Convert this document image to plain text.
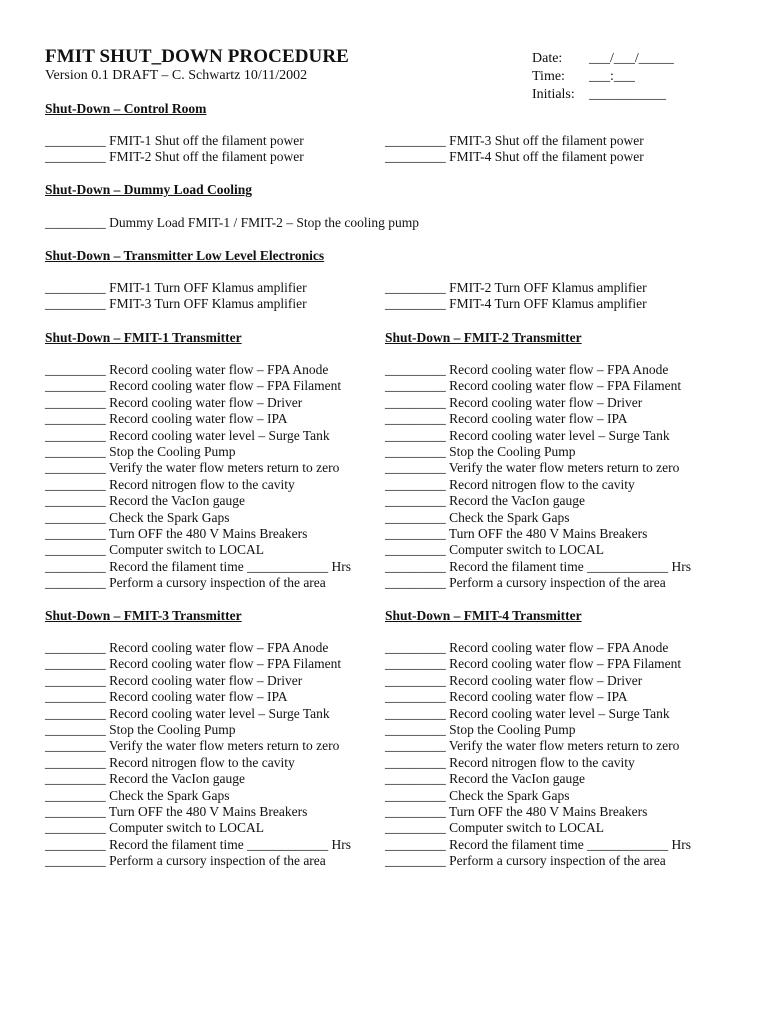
FMIT SHUT_DOWN PROCEDURE
Version 0.1 DRAFT – C. Schwartz 10/11/2002
Date: ___/___/_____
Time: ___:___
Initials: ___________
Shut-Down – Control Room
_________ FMIT-1 Shut off the filament power
_________ FMIT-2 Shut off the filament power
_________ FMIT-3 Shut off the filament power
_________ FMIT-4 Shut off the filament power
Shut-Down – Dummy Load Cooling
_________ Dummy Load FMIT-1 / FMIT-2 – Stop the cooling pump
Shut-Down – Transmitter Low Level Electronics
_________ FMIT-1 Turn OFF Klamus amplifier
_________ FMIT-3 Turn OFF Klamus amplifier
_________ FMIT-2 Turn OFF Klamus amplifier
_________ FMIT-4 Turn OFF Klamus amplifier
Shut-Down – FMIT-1 Transmitter	Shut-Down – FMIT-2 Transmitter
_________ Record cooling water flow – FPA Anode
_________ Record cooling water flow – FPA Filament
_________ Record cooling water flow – Driver
_________ Record cooling water flow – IPA
_________ Record cooling water level – Surge Tank
_________ Stop the Cooling Pump
_________ Verify the water flow meters return to zero
_________ Record nitrogen flow to the cavity
_________ Record the VacIon gauge
_________ Check the Spark Gaps
_________ Turn OFF the 480 V Mains Breakers
_________ Computer switch to LOCAL
_________ Record the filament time ____________ Hrs
_________ Perform a cursory inspection of the area
_________ Record cooling water flow – FPA Anode
_________ Record cooling water flow – FPA Filament
_________ Record cooling water flow – Driver
_________ Record cooling water flow – IPA
_________ Record cooling water level – Surge Tank
_________ Stop the Cooling Pump
_________ Verify the water flow meters return to zero
_________ Record nitrogen flow to the cavity
_________ Record the VacIon gauge
_________ Check the Spark Gaps
_________ Turn OFF the 480 V Mains Breakers
_________ Computer switch to LOCAL
_________ Record the filament time ____________ Hrs
_________ Perform a cursory inspection of the area
Shut-Down – FMIT-3 Transmitter	Shut-Down – FMIT-4 Transmitter
_________ Record cooling water flow – FPA Anode
_________ Record cooling water flow – FPA Filament
_________ Record cooling water flow – Driver
_________ Record cooling water flow – IPA
_________ Record cooling water level – Surge Tank
_________ Stop the Cooling Pump
_________ Verify the water flow meters return to zero
_________ Record nitrogen flow to the cavity
_________ Record the VacIon gauge
_________ Check the Spark Gaps
_________ Turn OFF the 480 V Mains Breakers
_________ Computer switch to LOCAL
_________ Record the filament time ____________ Hrs
_________ Perform a cursory inspection of the area
_________ Record cooling water flow – FPA Anode
_________ Record cooling water flow – FPA Filament
_________ Record cooling water flow – Driver
_________ Record cooling water flow – IPA
_________ Record cooling water level – Surge Tank
_________ Stop the Cooling Pump
_________ Verify the water flow meters return to zero
_________ Record nitrogen flow to the cavity
_________ Record the VacIon gauge
_________ Check the Spark Gaps
_________ Turn OFF the 480 V Mains Breakers
_________ Computer switch to LOCAL
_________ Record the filament time ____________ Hrs
_________ Perform a cursory inspection of the area
